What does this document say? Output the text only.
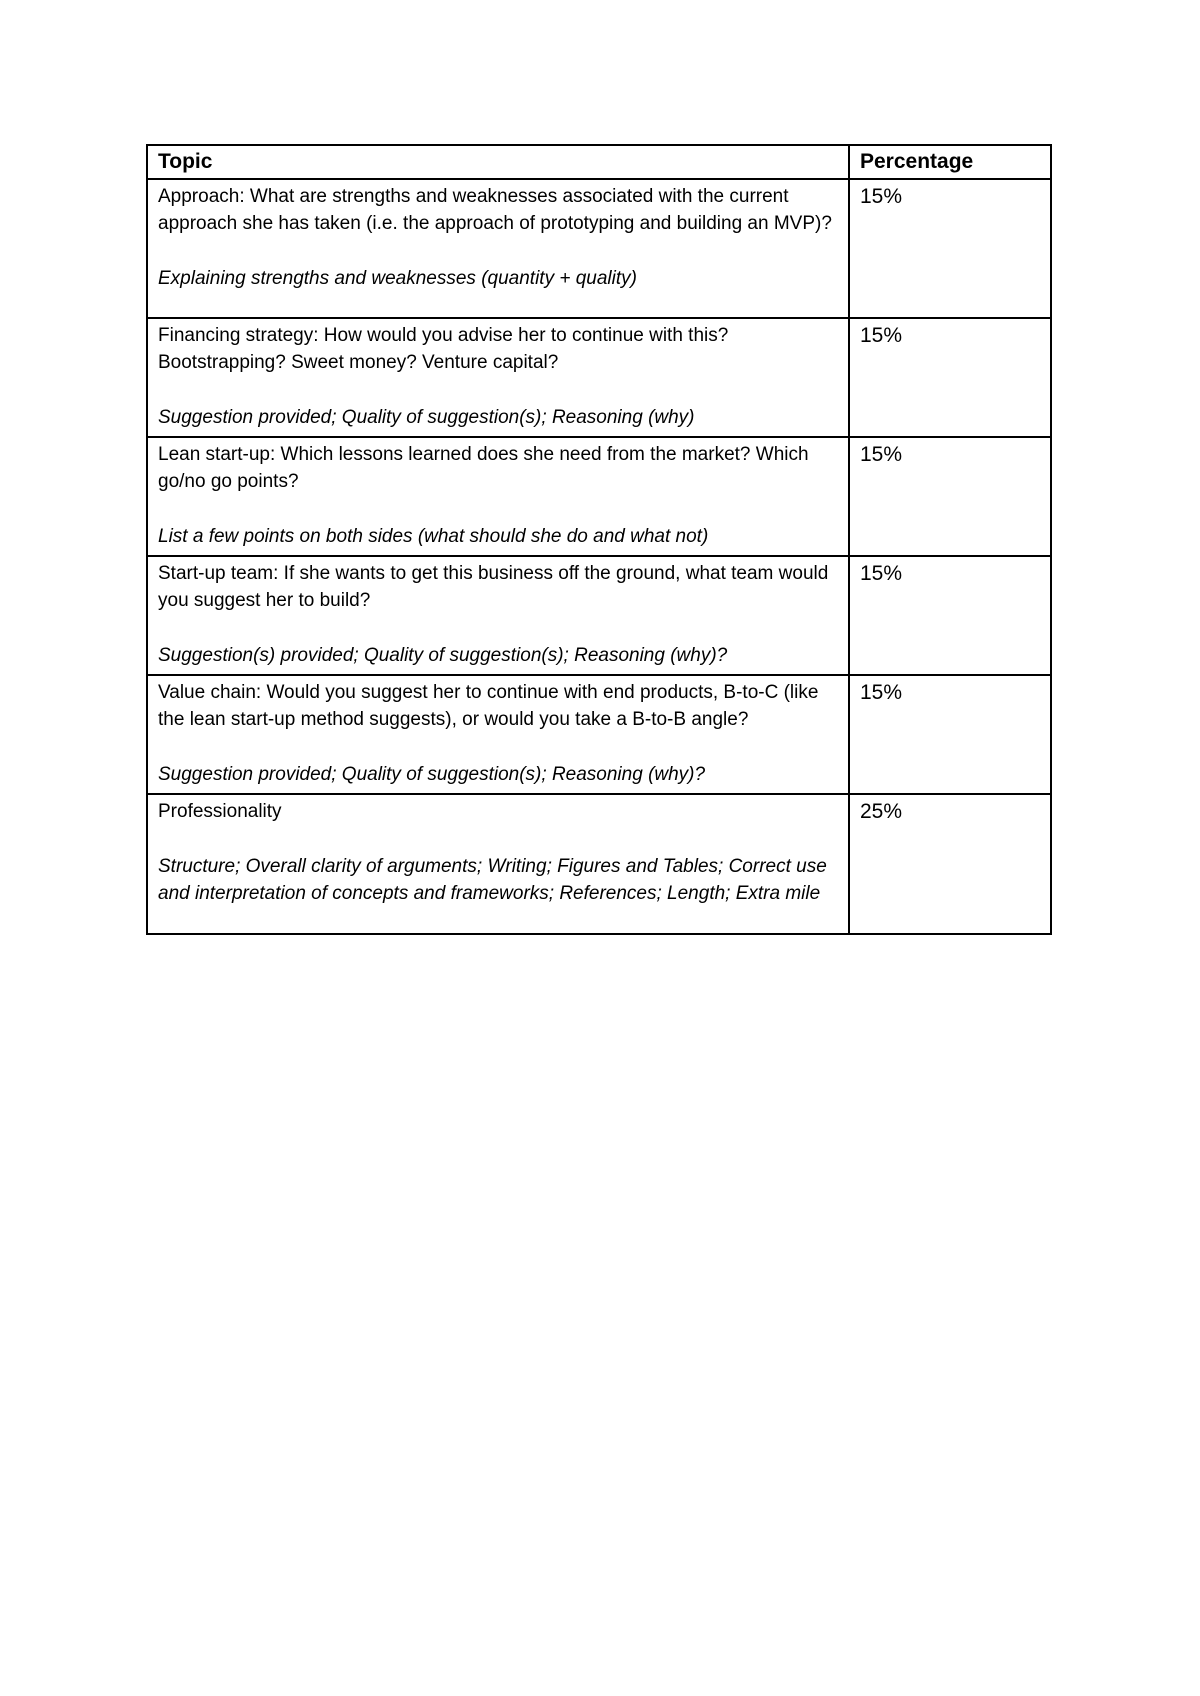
Topic	Percentage

Approach: What are strengths and weaknesses associated with the current approach she has taken (i.e. the approach of prototyping and building an MVP)?
Explaining strengths and weaknesses (quantity + quality)	15%

Financing strategy: How would you advise her to continue with this? Bootstrapping? Sweet money? Venture capital?
Suggestion provided; Quality of suggestion(s); Reasoning (why)	15%

Lean start-up: Which lessons learned does she need from the market? Which go/no go points?
List a few points on both sides (what should she do and what not)	15%

Start-up team: If she wants to get this business off the ground, what team would you suggest her to build?
Suggestion(s) provided; Quality of suggestion(s); Reasoning (why)?	15%

Value chain: Would you suggest her to continue with end products, B-to-C (like the lean start-up method suggests), or would you take a B-to-B angle?
Suggestion provided; Quality of suggestion(s); Reasoning (why)?	15%

Professionality
Structure; Overall clarity of arguments; Writing; Figures and Tables; Correct use and interpretation of concepts and frameworks; References; Length; Extra mile	25%
